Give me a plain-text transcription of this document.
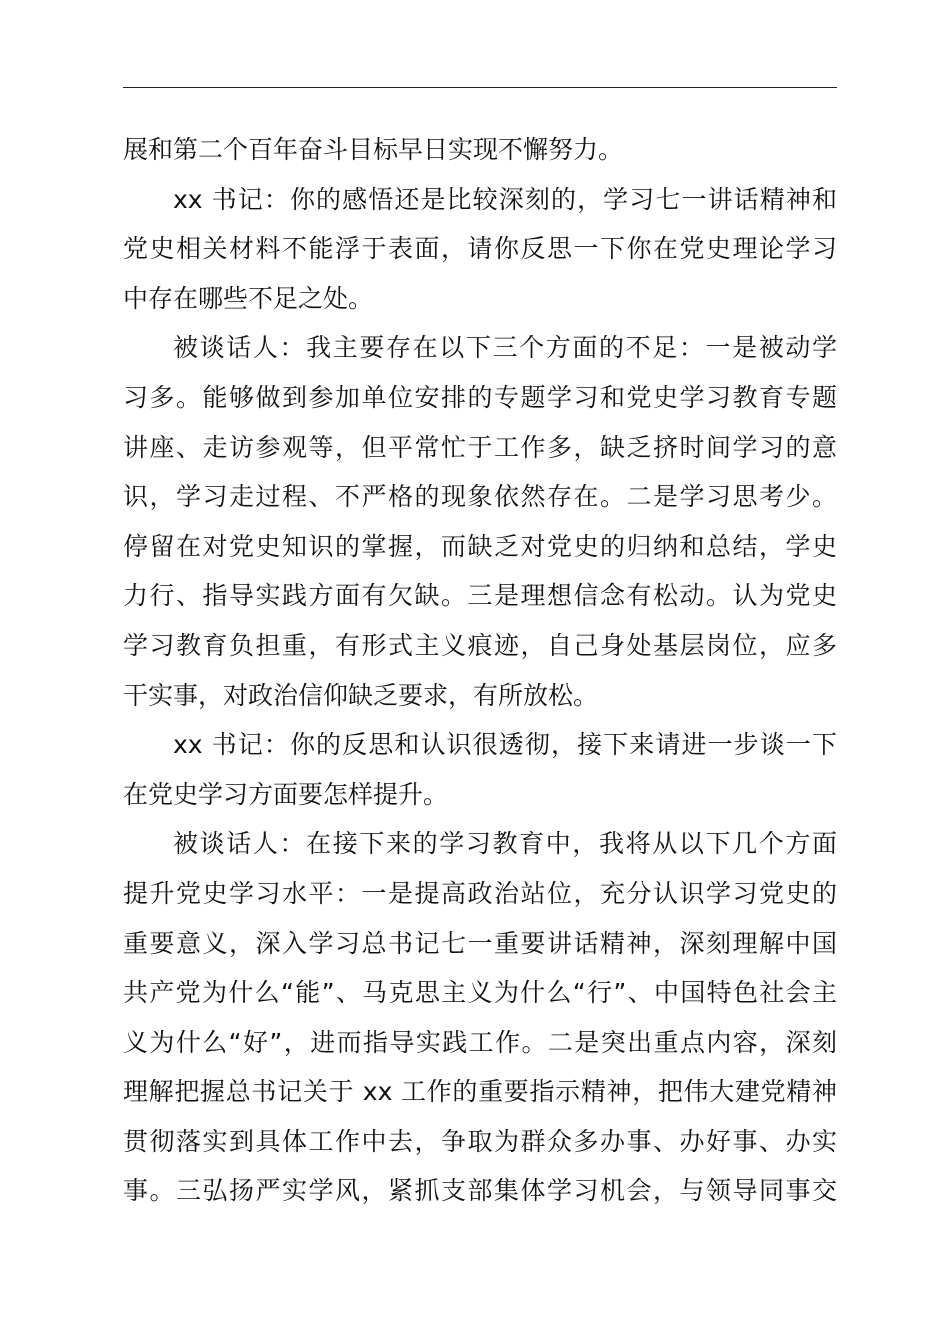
展和第二个百年奋斗目标早日实现不懈努力。
xx 书记：你的感悟还是比较深刻的，学习七一讲话精神和
党史相关材料不能浮于表面，请你反思一下你在党史理论学习
中存在哪些不足之处。
被谈话人：我主要存在以下三个方面的不足：一是被动学
习多。能够做到参加单位安排的专题学习和党史学习教育专题
讲座、走访参观等，但平常忙于工作多，缺乏挤时间学习的意
识，学习走过程、不严格的现象依然存在。二是学习思考少。
停留在对党史知识的掌握，而缺乏对党史的归纳和总结，学史
力行、指导实践方面有欠缺。三是理想信念有松动。认为党史
学习教育负担重，有形式主义痕迹，自己身处基层岗位，应多
干实事，对政治信仰缺乏要求，有所放松。
xx 书记：你的反思和认识很透彻，接下来请进一步谈一下
在党史学习方面要怎样提升。
被谈话人：在接下来的学习教育中，我将从以下几个方面
提升党史学习水平：一是提高政治站位，充分认识学习党史的
重要意义，深入学习总书记七一重要讲话精神，深刻理解中国
共产党为什么“能”、马克思主义为什么“行”、中国特色社会主
义为什么“好”，进而指导实践工作。二是突出重点内容，深刻
理解把握总书记关于 xx 工作的重要指示精神，把伟大建党精神
贯彻落实到具体工作中去，争取为群众多办事、办好事、办实
事。三弘扬严实学风，紧抓支部集体学习机会，与领导同事交
